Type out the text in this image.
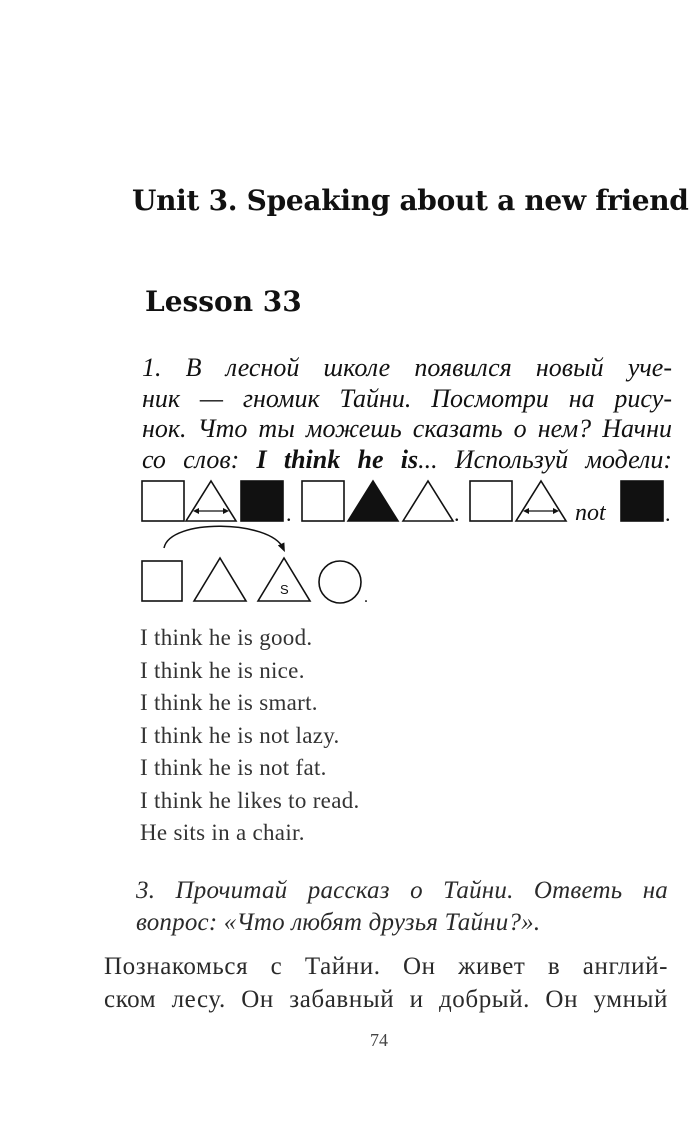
Unit 3. Speaking about a new friend
Lesson 33
1. В лесной школе появился новый уче-
ник — гномик Тайни. Посмотри на рису-
нок. Что ты можешь сказать о нем? Начни
со слов: I think he is... Используй модели:
S
.	.	.
.
not
I think he is good.
I think he is nice.
I think he is smart.
I think he is not lazy.
I think he is not fat.
I think he likes to read.
He sits in a chair.
3. Прочитай рассказ о Тайни. Ответь на
вопрос: «Что любят друзья Тайни?».
Познакомься с Тайни. Он живет в англий-
ском лесу. Он забавный и добрый. Он умный
74
